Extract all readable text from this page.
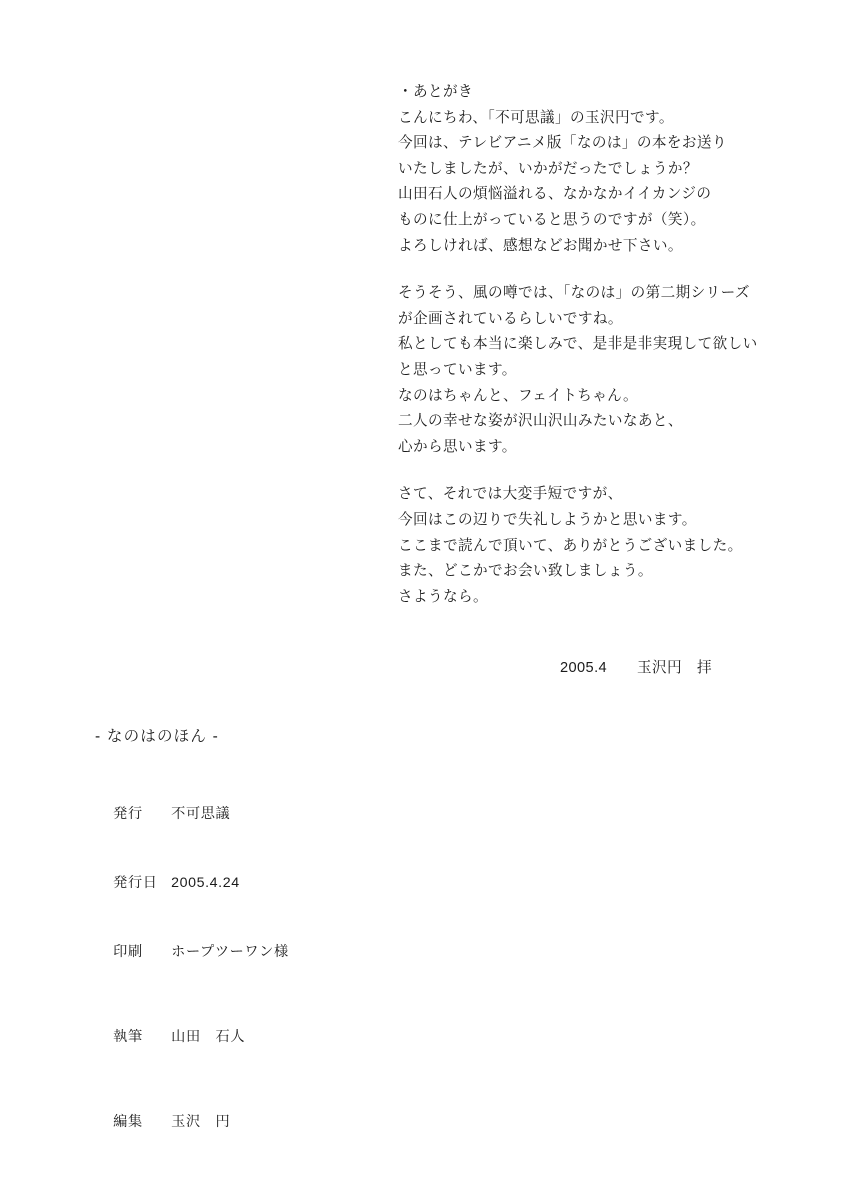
・あとがき
こんにちわ、「不可思議」の玉沢円です。
今回は、テレビアニメ版「なのは」の本をお送り
いたしましたが、いかがだったでしょうか？
山田石人の煩悩溢れる、なかなかイイカンジの
ものに仕上がっていると思うのですが（笑）。
よろしければ、感想などお聞かせ下さい。
そうそう、風の噂では、「なのは」の第二期シリーズ
が企画されているらしいですね。
私としても本当に楽しみで、是非是非実現して欲しい
と思っています。
なのはちゃんと、フェイトちゃん。
二人の幸せな姿が沢山沢山みたいなあと、
心から思います。
さて、それでは大変手短ですが、
今回はこの辺りで失礼しようかと思います。
ここまで読んで頂いて、ありがとうございました。
また、どこかでお会い致しましょう。
さようなら。
2005.4　　玉沢円　拝
- なのはのほん -

発行 不可思議

発行日 2005.4.24

印刷 ホープツーワン様

執筆 山田　石人

編集 玉沢　円
